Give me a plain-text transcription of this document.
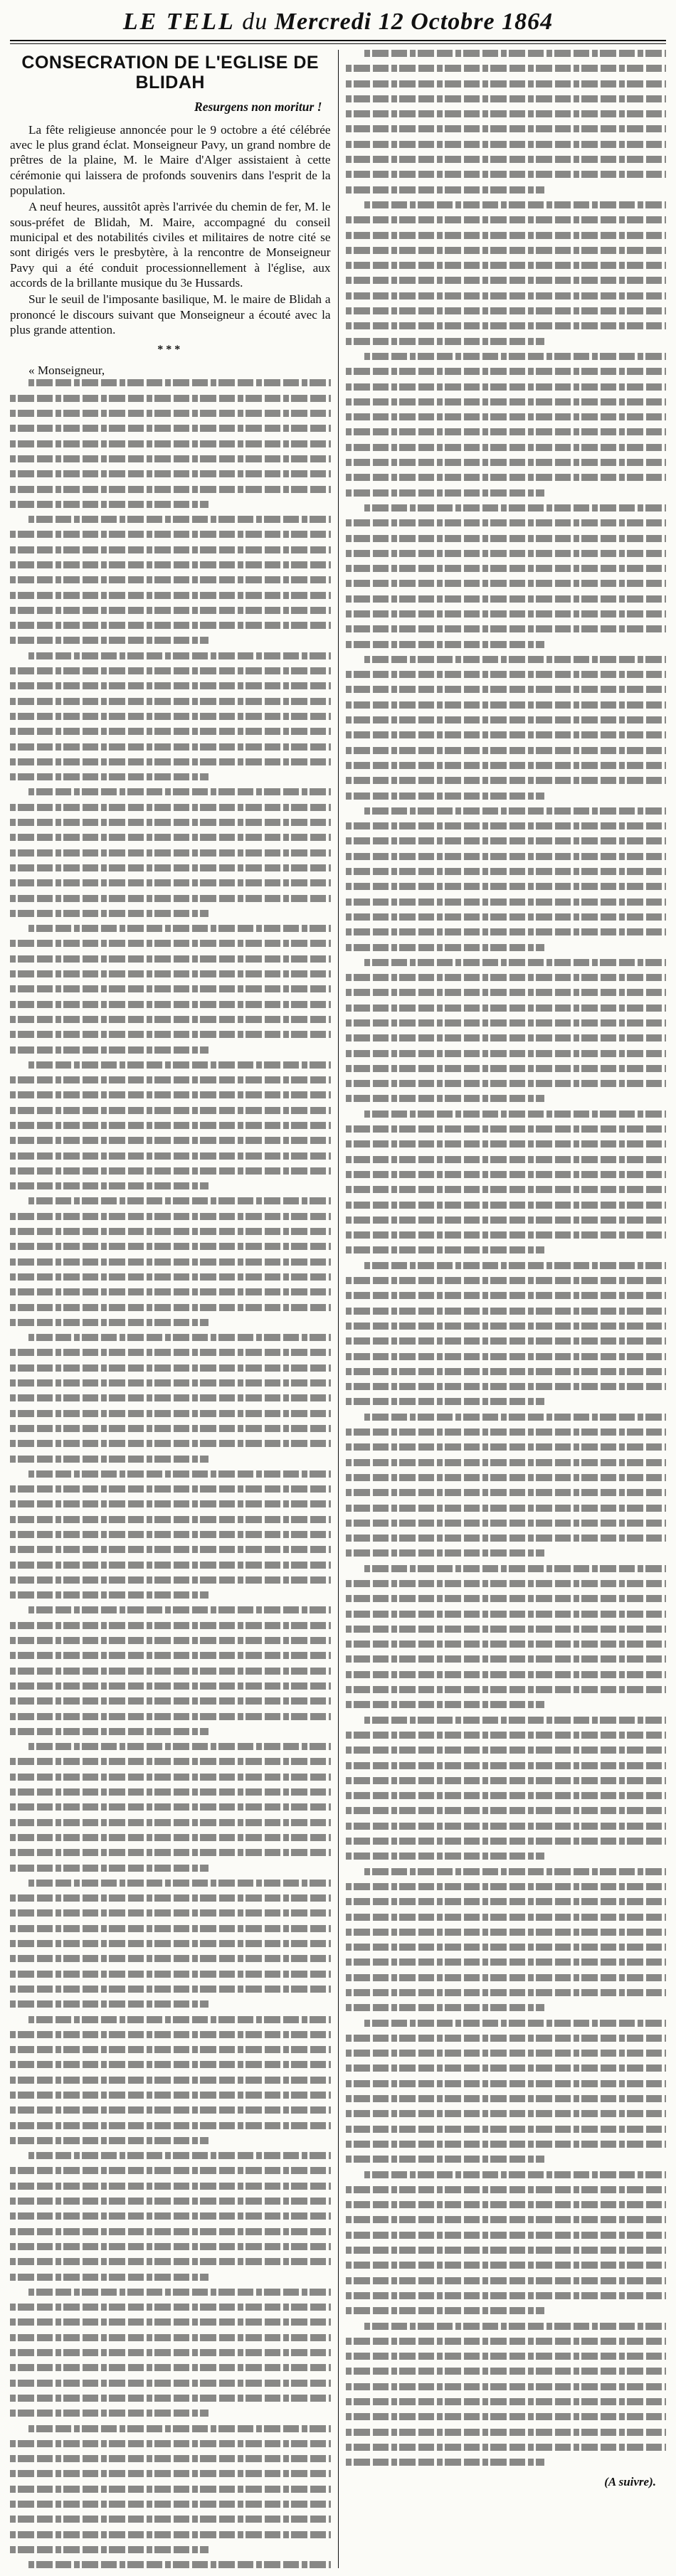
LE TELL du Mercredi 12 Octobre 1864
CONSECRATION DE L'EGLISE DE BLIDAH
Resurgens non moritur !

La fête religieuse annoncée pour le 9 octobre a été célébrée avec le plus grand éclat. Monseigneur Pavy, un grand nombre de prêtres de la plaine, M. le Maire d'Alger assistaient à cette cérémonie qui laissera de profonds souvenirs dans l'esprit de la population.

A neuf heures, aussitôt après l'arrivée du chemin de fer, M. le sous-préfet de Blidah, M. Maire, accompagné du conseil municipal et des notabilités civiles et militaires de notre cité se sont dirigés vers le presbytère, à la rencontre de Monseigneur Pavy qui a été conduit processionnellement à l'église, aux accords de la brillante musique du 3e Hussards.

Sur le seuil de l'imposante basilique, M. le maire de Blidah a prononcé le discours suivant que Monseigneur a écouté avec la plus grande attention.

***

« Monseigneur,

(A suivre).
